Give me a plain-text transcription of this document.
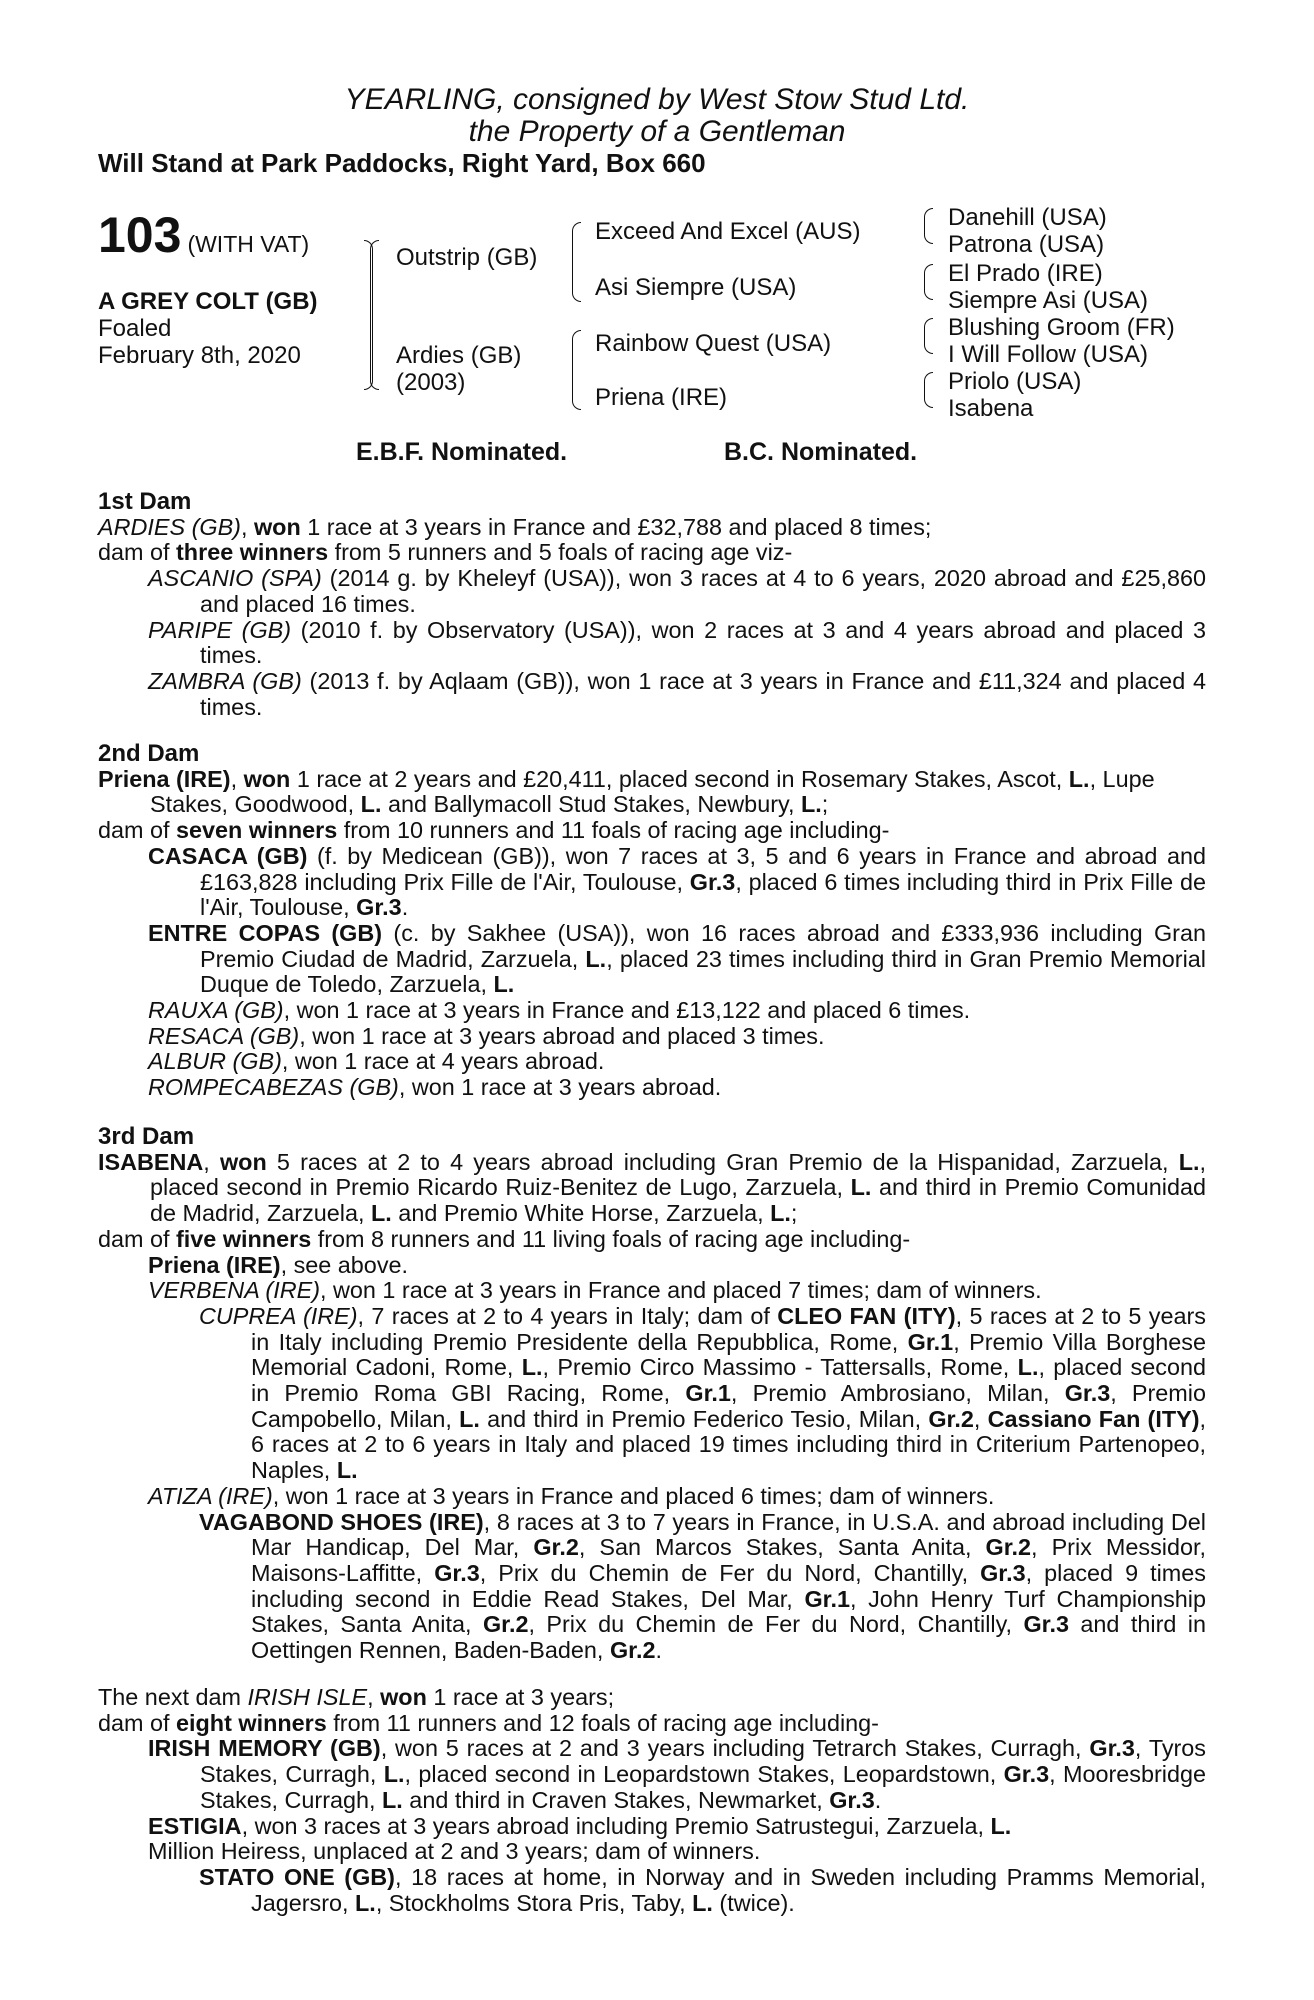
YEARLING, consigned by West Stow Stud Ltd.
the Property of a Gentleman
Will Stand at Park Paddocks, Right Yard, Box 660
103 (WITH VAT)
A GREY COLT (GB)
Foaled
February 8th, 2020
Outstrip (GB)
Ardies (GB)
(2003)
Exceed And Excel (AUS)
Asi Siempre (USA)
Rainbow Quest (USA)
Priena (IRE)
Danehill (USA)
Patrona (USA)
El Prado (IRE)
Siempre Asi (USA)
Blushing Groom (FR)
I Will Follow (USA)
Priolo (USA)
Isabena
E.B.F. Nominated.	B.C. Nominated.

1st Dam

ARDIES (GB), won 1 race at 3 years in France and £32,788 and placed 8 times;

dam of three winners from 5 runners and 5 foals of racing age viz-

ASCANIO (SPA) (2014 g. by Kheleyf (USA)), won 3 races at 4 to 6 years, 2020 abroad and £25,860 and placed 16 times.

PARIPE (GB) (2010 f. by Observatory (USA)), won 2 races at 3 and 4 years abroad and placed 3 times.

ZAMBRA (GB) (2013 f. by Aqlaam (GB)), won 1 race at 3 years in France and £11,324 and placed 4 times.

2nd Dam

Priena (IRE), won 1 race at 2 years and £20,411, placed second in Rosemary Stakes, Ascot, L., Lupe Stakes, Goodwood, L. and Ballymacoll Stud Stakes, Newbury, L.;

dam of seven winners from 10 runners and 11 foals of racing age including-

CASACA (GB) (f. by Medicean (GB)), won 7 races at 3, 5 and 6 years in France and abroad and £163,828 including Prix Fille de l'Air, Toulouse, Gr.3, placed 6 times including third in Prix Fille de l'Air, Toulouse, Gr.3.

ENTRE COPAS (GB) (c. by Sakhee (USA)), won 16 races abroad and £333,936 including Gran Premio Ciudad de Madrid, Zarzuela, L., placed 23 times including third in Gran Premio Memorial Duque de Toledo, Zarzuela, L.

RAUXA (GB), won 1 race at 3 years in France and £13,122 and placed 6 times.

RESACA (GB), won 1 race at 3 years abroad and placed 3 times.

ALBUR (GB), won 1 race at 4 years abroad.

ROMPECABEZAS (GB), won 1 race at 3 years abroad.

3rd Dam

ISABENA, won 5 races at 2 to 4 years abroad including Gran Premio de la Hispanidad, Zarzuela, L., placed second in Premio Ricardo Ruiz-Benitez de Lugo, Zarzuela, L. and third in Premio Comunidad de Madrid, Zarzuela, L. and Premio White Horse, Zarzuela, L.;

dam of five winners from 8 runners and 11 living foals of racing age including-

Priena (IRE), see above.

VERBENA (IRE), won 1 race at 3 years in France and placed 7 times; dam of winners.

CUPREA (IRE), 7 races at 2 to 4 years in Italy; dam of CLEO FAN (ITY), 5 races at 2 to 5 years in Italy including Premio Presidente della Repubblica, Rome, Gr.1, Premio Villa Borghese Memorial Cadoni, Rome, L., Premio Circo Massimo - Tattersalls, Rome, L., placed second in Premio Roma GBI Racing, Rome, Gr.1, Premio Ambrosiano, Milan, Gr.3, Premio Campobello, Milan, L. and third in Premio Federico Tesio, Milan, Gr.2, Cassiano Fan (ITY), 6 races at 2 to 6 years in Italy and placed 19 times including third in Criterium Partenopeo, Naples, L.

ATIZA (IRE), won 1 race at 3 years in France and placed 6 times; dam of winners.

VAGABOND SHOES (IRE), 8 races at 3 to 7 years in France, in U.S.A. and abroad including Del Mar Handicap, Del Mar, Gr.2, San Marcos Stakes, Santa Anita, Gr.2, Prix Messidor, Maisons-Laffitte, Gr.3, Prix du Chemin de Fer du Nord, Chantilly, Gr.3, placed 9 times including second in Eddie Read Stakes, Del Mar, Gr.1, John Henry Turf Championship Stakes, Santa Anita, Gr.2, Prix du Chemin de Fer du Nord, Chantilly, Gr.3 and third in Oettingen Rennen, Baden-Baden, Gr.2.

The next dam IRISH ISLE, won 1 race at 3 years;

dam of eight winners from 11 runners and 12 foals of racing age including-

IRISH MEMORY (GB), won 5 races at 2 and 3 years including Tetrarch Stakes, Curragh, Gr.3, Tyros Stakes, Curragh, L., placed second in Leopardstown Stakes, Leopardstown, Gr.3, Mooresbridge Stakes, Curragh, L. and third in Craven Stakes, Newmarket, Gr.3.

ESTIGIA, won 3 races at 3 years abroad including Premio Satrustegui, Zarzuela, L.

Million Heiress, unplaced at 2 and 3 years; dam of winners.

STATO ONE (GB), 18 races at home, in Norway and in Sweden including Pramms Memorial, Jagersro, L., Stockholms Stora Pris, Taby, L. (twice).
